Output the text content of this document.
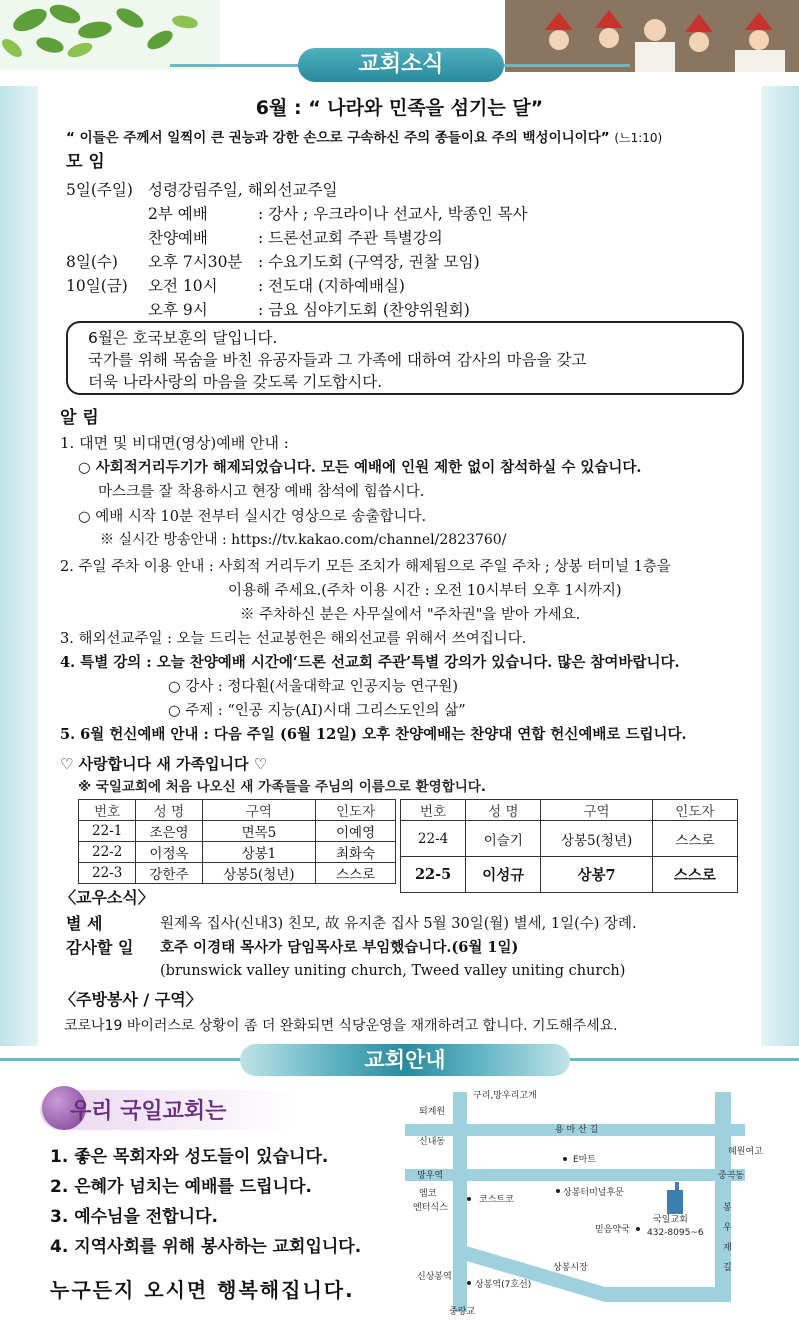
교회소식
6월 : “ 나라와 민족을 섬기는 달”
“ 이들은 주께서 일찍이 큰 권능과 강한 손으로 구속하신 주의 종들이요 주의 백성이니이다” (느1:10)
모 임
5일(주일) 성령강림주일, 해외선교주일
2부 예배	: 강사 ; 우크라이나 선교사, 박종인 목사
찬양예배	: 드론선교회 주관 특별강의
8일(수) 오후 7시30분 : 수요기도회 (구역장, 권찰 모임)
10일(금) 오전 10시	: 전도대 (지하예배실)
오후 9시	: 금요 심야기도회 (찬양위원회)
6월은 호국보훈의 달입니다.
국가를 위해 목숨을 바친 유공자들과 그 가족에 대하여 감사의 마음을 갖고
더욱 나라사랑의 마음을 갖도록 기도합시다.
알 림
1. 대면 및 비대면(영상)예배 안내 :
○ 사회적거리두기가 해제되었습니다. 모든 예배에 인원 제한 없이 참석하실 수 있습니다.
마스크를 잘 착용하시고 현장 예배 참석에 힘씁시다.
○ 예배 시작 10분 전부터 실시간 영상으로 송출합니다.
※ 실시간 방송안내 : https://tv.kakao.com/channel/2823760/
2. 주일 주차 이용 안내 : 사회적 거리두기 모든 조치가 해제됨으로 주일 주차 ; 상봉 터미널 1층을
이용해 주세요.(주차 이용 시간 : 오전 10시부터 오후 1시까지)
※ 주차하신 분은 사무실에서 "주차권"을 받아 가세요.
3. 해외선교주일 : 오늘 드리는 선교봉헌은 해외선교를 위해서 쓰여집니다.
4. 특별 강의 : 오늘 찬양예배 시간에‘드론 선교회 주관’특별 강의가 있습니다. 많은 참여바랍니다.
○ 강사 : 정다훤(서울대학교 인공지능 연구원)
○ 주제 : “인공 지능(AI)시대 그리스도인의 삶”
5. 6월 헌신예배 안내 : 다음 주일 (6월 12일) 오후 찬양예배는 찬양대 연합 헌신예배로 드립니다.
♡ 사랑합니다 새 가족입니다 ♡
※ 국일교회에 처음 나오신 새 가족들을 주님의 이름으로 환영합니다.
번호	성 명	구역	인도자
22-1	조은영	면목5	이예영
22-2	이정옥	상봉1	최화숙
22-3	강한주	상봉5(청년)	스스로
번호	성 명	구역	인도자
22-4	이슬기	상봉5(청년)	스스로
22-5	이성규	상봉7	스스로
〈교우소식〉
별 세	원제옥 집사(신내3) 친모, 故 유지춘 집사 5월 30일(월) 별세, 1일(수) 장례.
감사할 일 호주 이경태 목사가 담임목사로 부임했습니다.(6월 1일)
(brunswick valley uniting church, Tweed valley uniting church)
〈주방봉사 / 구역〉
코로나19 바이러스로 상황이 좀 더 완화되면 식당운영을 재개하려고 합니다. 기도해주세요.
교회안내
우리 국일교회는
1. 좋은 목회자와 성도들이 있습니다.
2. 은혜가 넘치는 예배를 드립니다.
3. 예수님을 전합니다.
4. 지역사회를 위해 봉사하는 교회입니다.
누구든지 오시면 행복해집니다.
구리,망우리고개
용 마 산 길
퇴계원
신내동
E마트
혜원여고
망우역	중곡동
엠코
엔터식스
코스트코
상봉터미널후문
국일교회
432-8095~6
믿음약국
봉
우
재
길
상봉시장
신상봉역
상봉역(7호선)
중랑교
